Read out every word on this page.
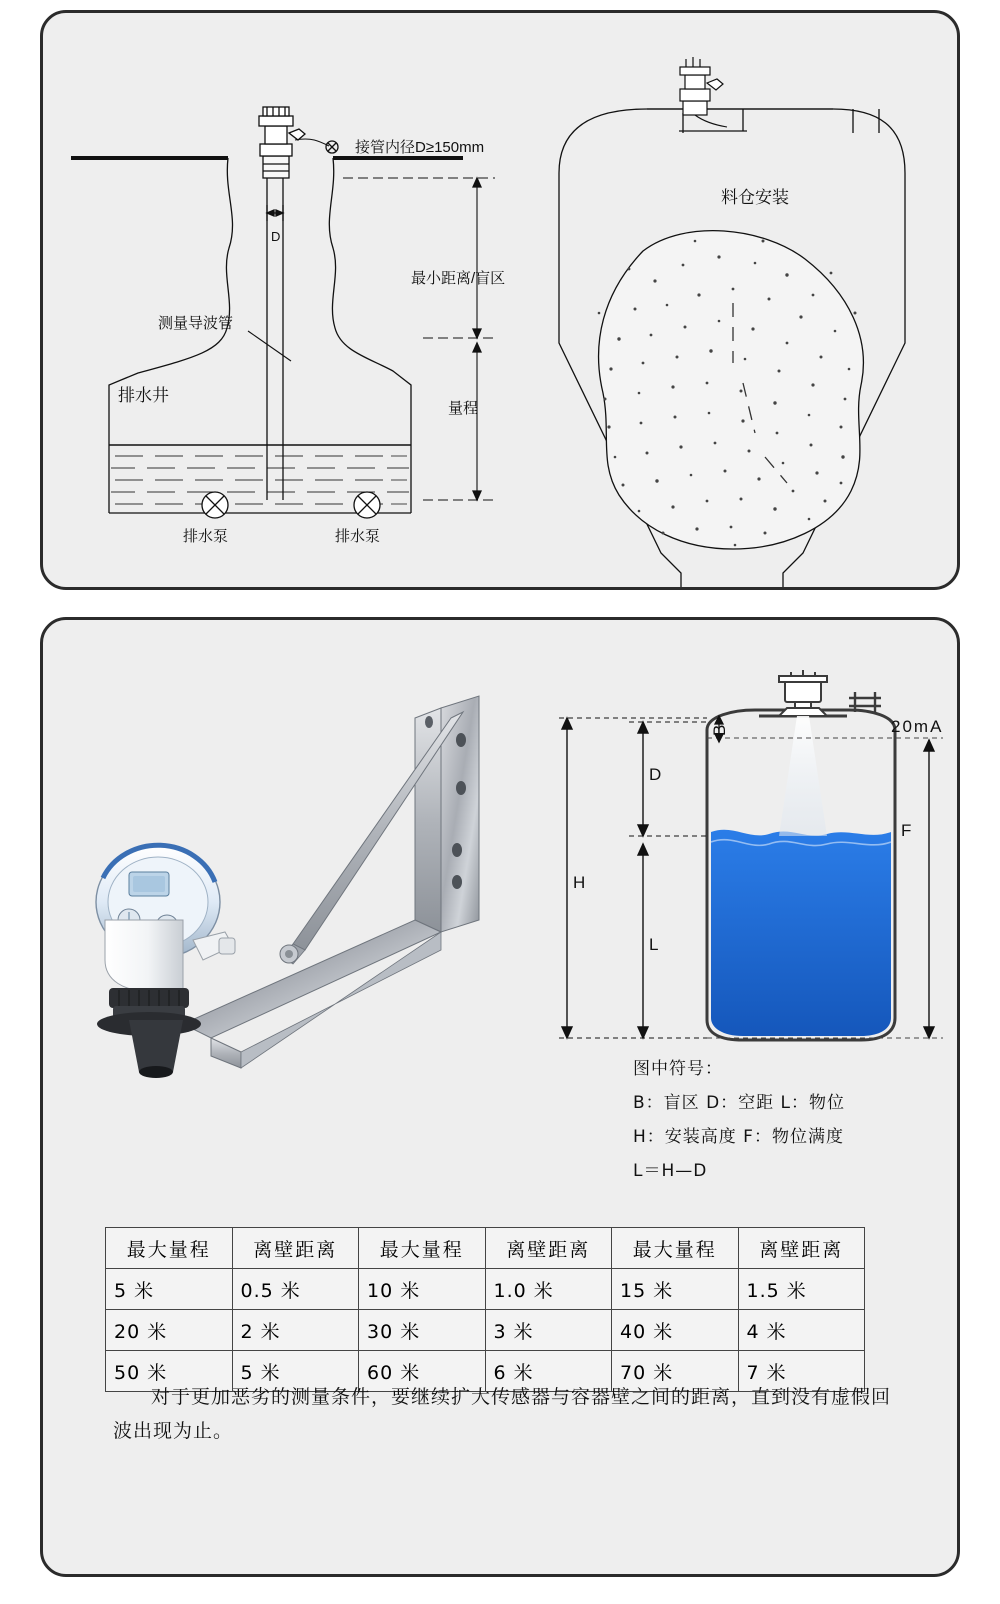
接管内径D≥150mm
最小距离/盲区
量程
测量导波管
排水井
排水泵	排水泵
D
料仓安装
H
D
L
F
B	20mA
图中符号：
B：盲区 D：空距 L：物位
H：安装高度 F：物位满度
L＝H—D
最大量程	离壁距离	最大量程	离壁距离	最大量程	离壁距离
5 米	0.5 米	10 米	1.0 米	15 米	1.5 米
20 米	2 米	30 米	3 米	40 米	4 米
50 米	5 米	60 米	6 米	70 米	7 米
对于更加恶劣的测量条件，要继续扩大传感器与容器壁之间的距离，直到没有虚假回波出现为止。
